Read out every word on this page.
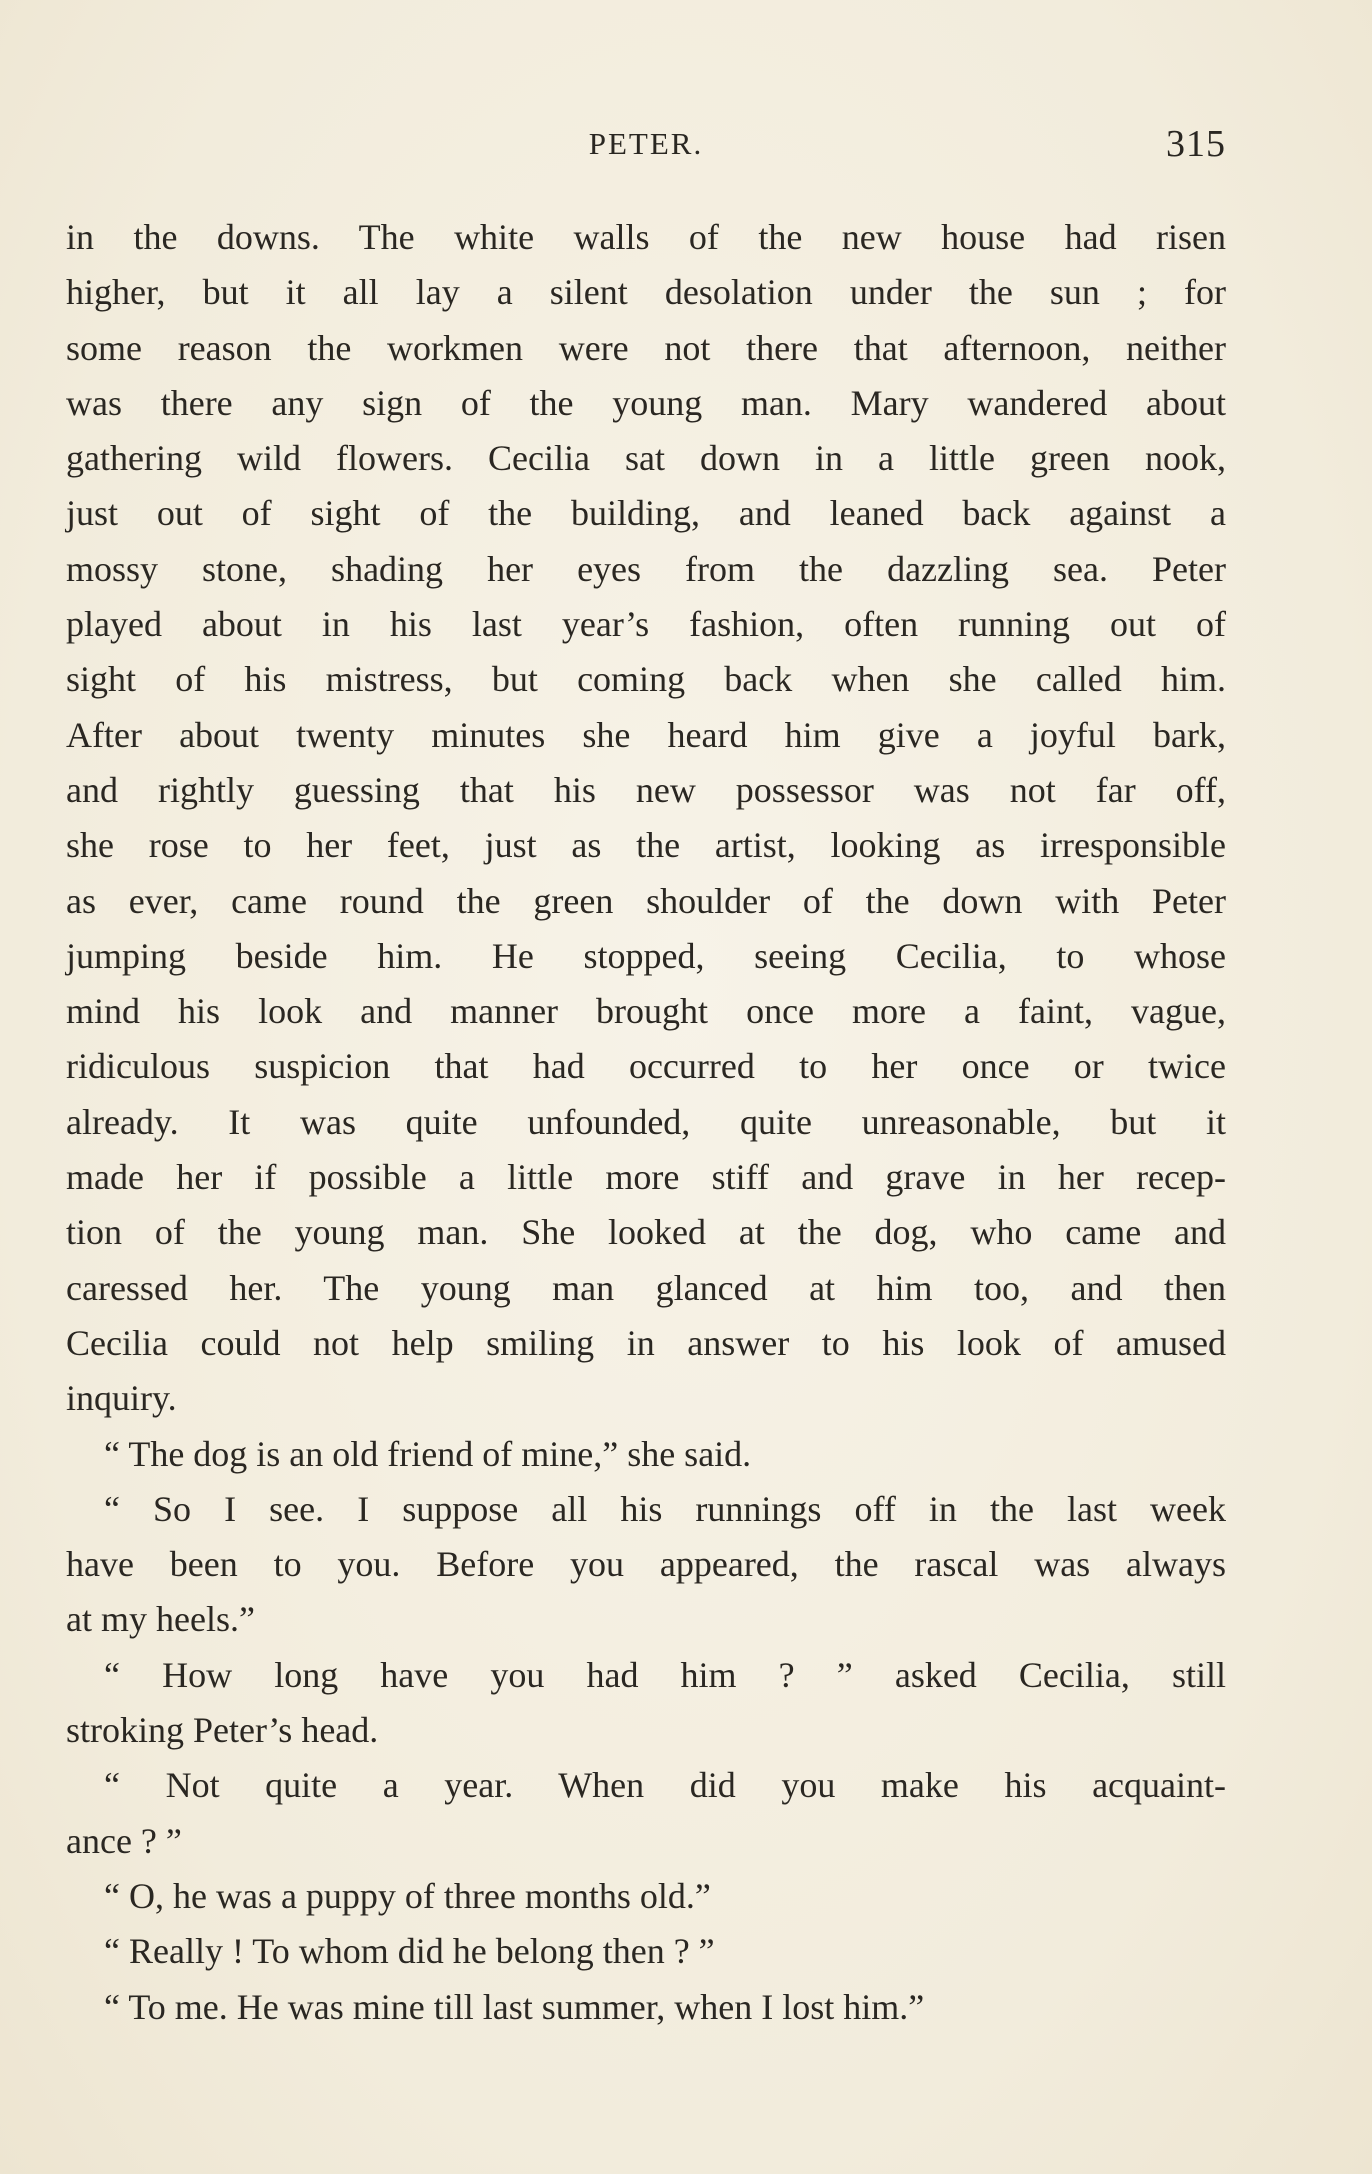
PETER.	315
in the downs. The white walls of the new house had risen
higher, but it all lay a silent desolation under the sun ; for
some reason the workmen were not there that afternoon, neither
was there any sign of the young man. Mary wandered about
gathering wild flowers. Cecilia sat down in a little green nook,
just out of sight of the building, and leaned back against a
mossy stone, shading her eyes from the dazzling sea. Peter
played about in his last year’s fashion, often running out of
sight of his mistress, but coming back when she called him.
After about twenty minutes she heard him give a joyful bark,
and rightly guessing that his new possessor was not far off,
she rose to her feet, just as the artist, looking as irresponsible
as ever, came round the green shoulder of the down with Peter
jumping beside him. He stopped, seeing Cecilia, to whose
mind his look and manner brought once more a faint, vague,
ridiculous suspicion that had occurred to her once or twice
already. It was quite unfounded, quite unreasonable, but it
made her if possible a little more stiff and grave in her recep-
tion of the young man. She looked at the dog, who came and
caressed her. The young man glanced at him too, and then
Cecilia could not help smiling in answer to his look of amused
inquiry.
“ The dog is an old friend of mine,” she said.
“ So I see. I suppose all his runnings off in the last week
have been to you. Before you appeared, the rascal was always
at my heels.”
“ How long have you had him ? ” asked Cecilia, still
stroking Peter’s head.
“ Not quite a year. When did you make his acquaint-
ance ? ”
“ O, he was a puppy of three months old.”
“ Really ! To whom did he belong then ? ”
“ To me. He was mine till last summer, when I lost him.”
